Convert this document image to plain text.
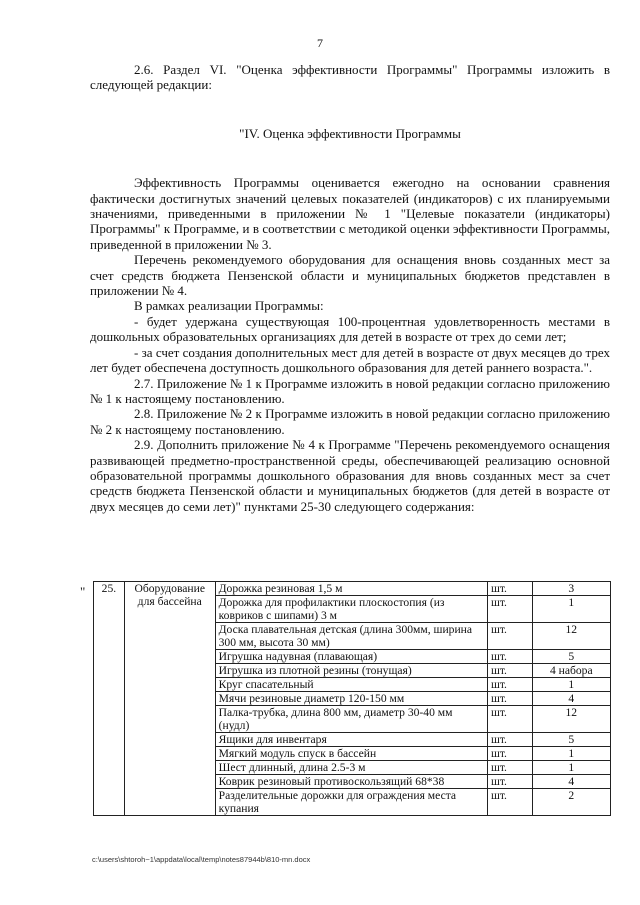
7

2.6. Раздел VI. "Оценка эффективности Программы" Программы изложить в следующей редакции:

"IV. Оценка эффективности Программы

Эффективность Программы оценивается ежегодно на основании сравнения фактически достигнутых значений целевых показателей (индикаторов) с их планируемыми значениями, приведенными в приложении № 1 "Целевые показатели (индикаторы) Программы" к Программе, и в соответствии с методикой оценки эффективности Программы, приведенной в приложении № 3.

Перечень рекомендуемого оборудования для оснащения вновь созданных мест за счет средств бюджета Пензенской области и муниципальных бюджетов представлен в приложении № 4.

В рамках реализации Программы:

- будет удержана существующая 100-процентная удовлетворенность местами в дошкольных образовательных организациях для детей в возрасте от трех до семи лет;

- за счет создания дополнительных мест для детей в возрасте от двух месяцев до трех лет будет обеспечена доступность дошкольного образования для детей раннего возраста.".

2.7. Приложение № 1 к Программе изложить в новой редакции согласно приложению № 1 к настоящему постановлению.

2.8. Приложение № 2 к Программе изложить в новой редакции согласно приложению № 2 к настоящему постановлению.

2.9. Дополнить приложение № 4 к Программе "Перечень рекомендуемого оснащения развивающей предметно-пространственной среды, обеспечивающей реализацию основной образовательной программы дошкольного образования для вновь созданных мест за счет средств бюджета Пензенской области и муниципальных бюджетов (для детей в возрасте от двух месяцев до семи лет)" пунктами 25-30 следующего содержания:

" 25.	Оборудование для бассейна	Дорожка резиновая 1,5 м	шт.	3
		Дорожка для профилактики плоскостопия (из ковриков с шипами) 3 м	шт.	1
		Доска плавательная детская (длина 300мм, ширина 300 мм, высота 30 мм)	шт.	12
		Игрушка надувная (плавающая)	шт.	5
		Игрушка из плотной резины (тонущая)	шт.	4 набора
		Круг спасательный	шт.	1
		Мячи резиновые диаметр 120-150 мм	шт.	4
		Палка-трубка, длина 800 мм, диаметр 30-40 мм (нудл)	шт.	12
		Ящики для инвентаря	шт.	5
		Мягкий модуль спуск в бассейн	шт.	1
		Шест длинный, длина 2.5-3 м	шт.	1
		Коврик резиновый противоскользящий 68*38	шт.	4
		Разделительные дорожки для ограждения места купания	шт.	2
c:\users\shtoroh~1\appdata\local\temp\notes87944b\810-mn.docx
